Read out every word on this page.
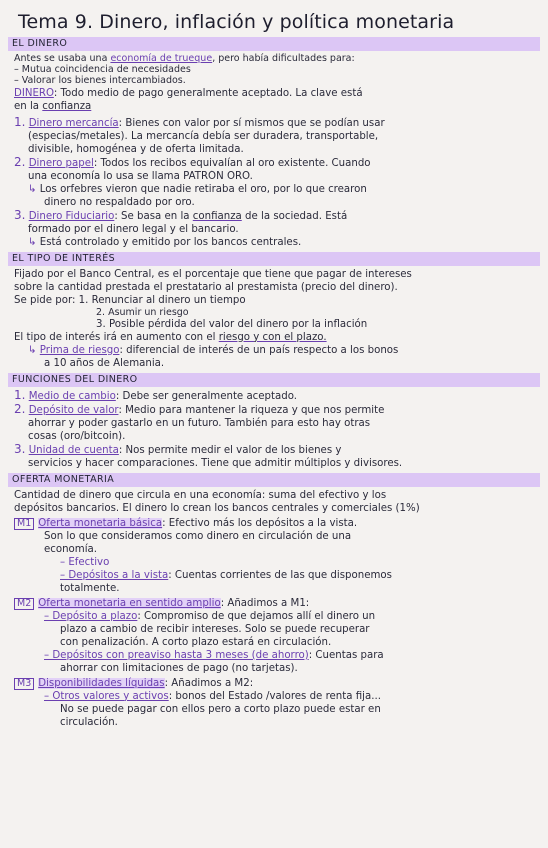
Tema 9. Dinero, inflación y política monetaria
EL DINERO
Antes se usaba una economía de trueque, pero había dificultades para:
– Mutua coincidencia de necesidades
– Valorar los bienes intercambiados.
DINERO: Todo medio de pago generalmente aceptado. La clave está
en la confianza
1. Dinero mercancía: Bienes con valor por sí mismos que se podían usar
(especias/metales). La mercancía debía ser duradera, transportable,
divisible, homogénea y de oferta limitada.
2. Dinero papel: Todos los recibos equivalían al oro existente. Cuando
una economía lo usa se llama PATRÓN ORO.
↳ Los orfebres vieron que nadie retiraba el oro, por lo que crearon
dinero no respaldado por oro.
3. Dinero Fiduciario: Se basa en la confianza de la sociedad. Está
formado por el dinero legal y el bancario.
↳ Está controlado y emitido por los bancos centrales.
EL TIPO DE INTERÉS
Fijado por el Banco Central, es el porcentaje que tiene que pagar de intereses
sobre la cantidad prestada el prestatario al prestamista (precio del dinero).
Se pide por: 1. Renunciar al dinero un tiempo
2. Asumir un riesgo
3. Posible pérdida del valor del dinero por la inflación
El tipo de interés irá en aumento con el riesgo y con el plazo.
↳ Prima de riesgo: diferencial de interés de un país respecto a los bonos
a 10 años de Alemania.
FUNCIONES DEL DINERO
1. Medio de cambio: Debe ser generalmente aceptado.
2. Depósito de valor: Medio para mantener la riqueza y que nos permite
ahorrar y poder gastarlo en un futuro. También para esto hay otras
cosas (oro/bitcoin).
3. Unidad de cuenta: Nos permite medir el valor de los bienes y
servicios y hacer comparaciones. Tiene que admitir múltiplos y divisores.
OFERTA MONETARIA
Cantidad de dinero que circula en una economía: suma del efectivo y los
depósitos bancarios. El dinero lo crean los bancos centrales y comerciales (1%)
M1 Oferta monetaria básica: Efectivo más los depósitos a la vista.
Son lo que consideramos como dinero en circulación de una
economía.
– Efectivo
– Depósitos a la vista: Cuentas corrientes de las que disponemos
totalmente.
M2 Oferta monetaria en sentido amplio: Añadimos a M1:
– Depósito a plazo: Compromiso de que dejamos allí el dinero un
plazo a cambio de recibir intereses. Solo se puede recuperar
con penalización. A corto plazo estará en circulación.
– Depósitos con preaviso hasta 3 meses (de ahorro): Cuentas para
ahorrar con limitaciones de pago (no tarjetas).
M3 Disponibilidades líquidas: Añadimos a M2:
– Otros valores y activos: bonos del Estado /valores de renta fija...
No se puede pagar con ellos pero a corto plazo puede estar en
circulación.
